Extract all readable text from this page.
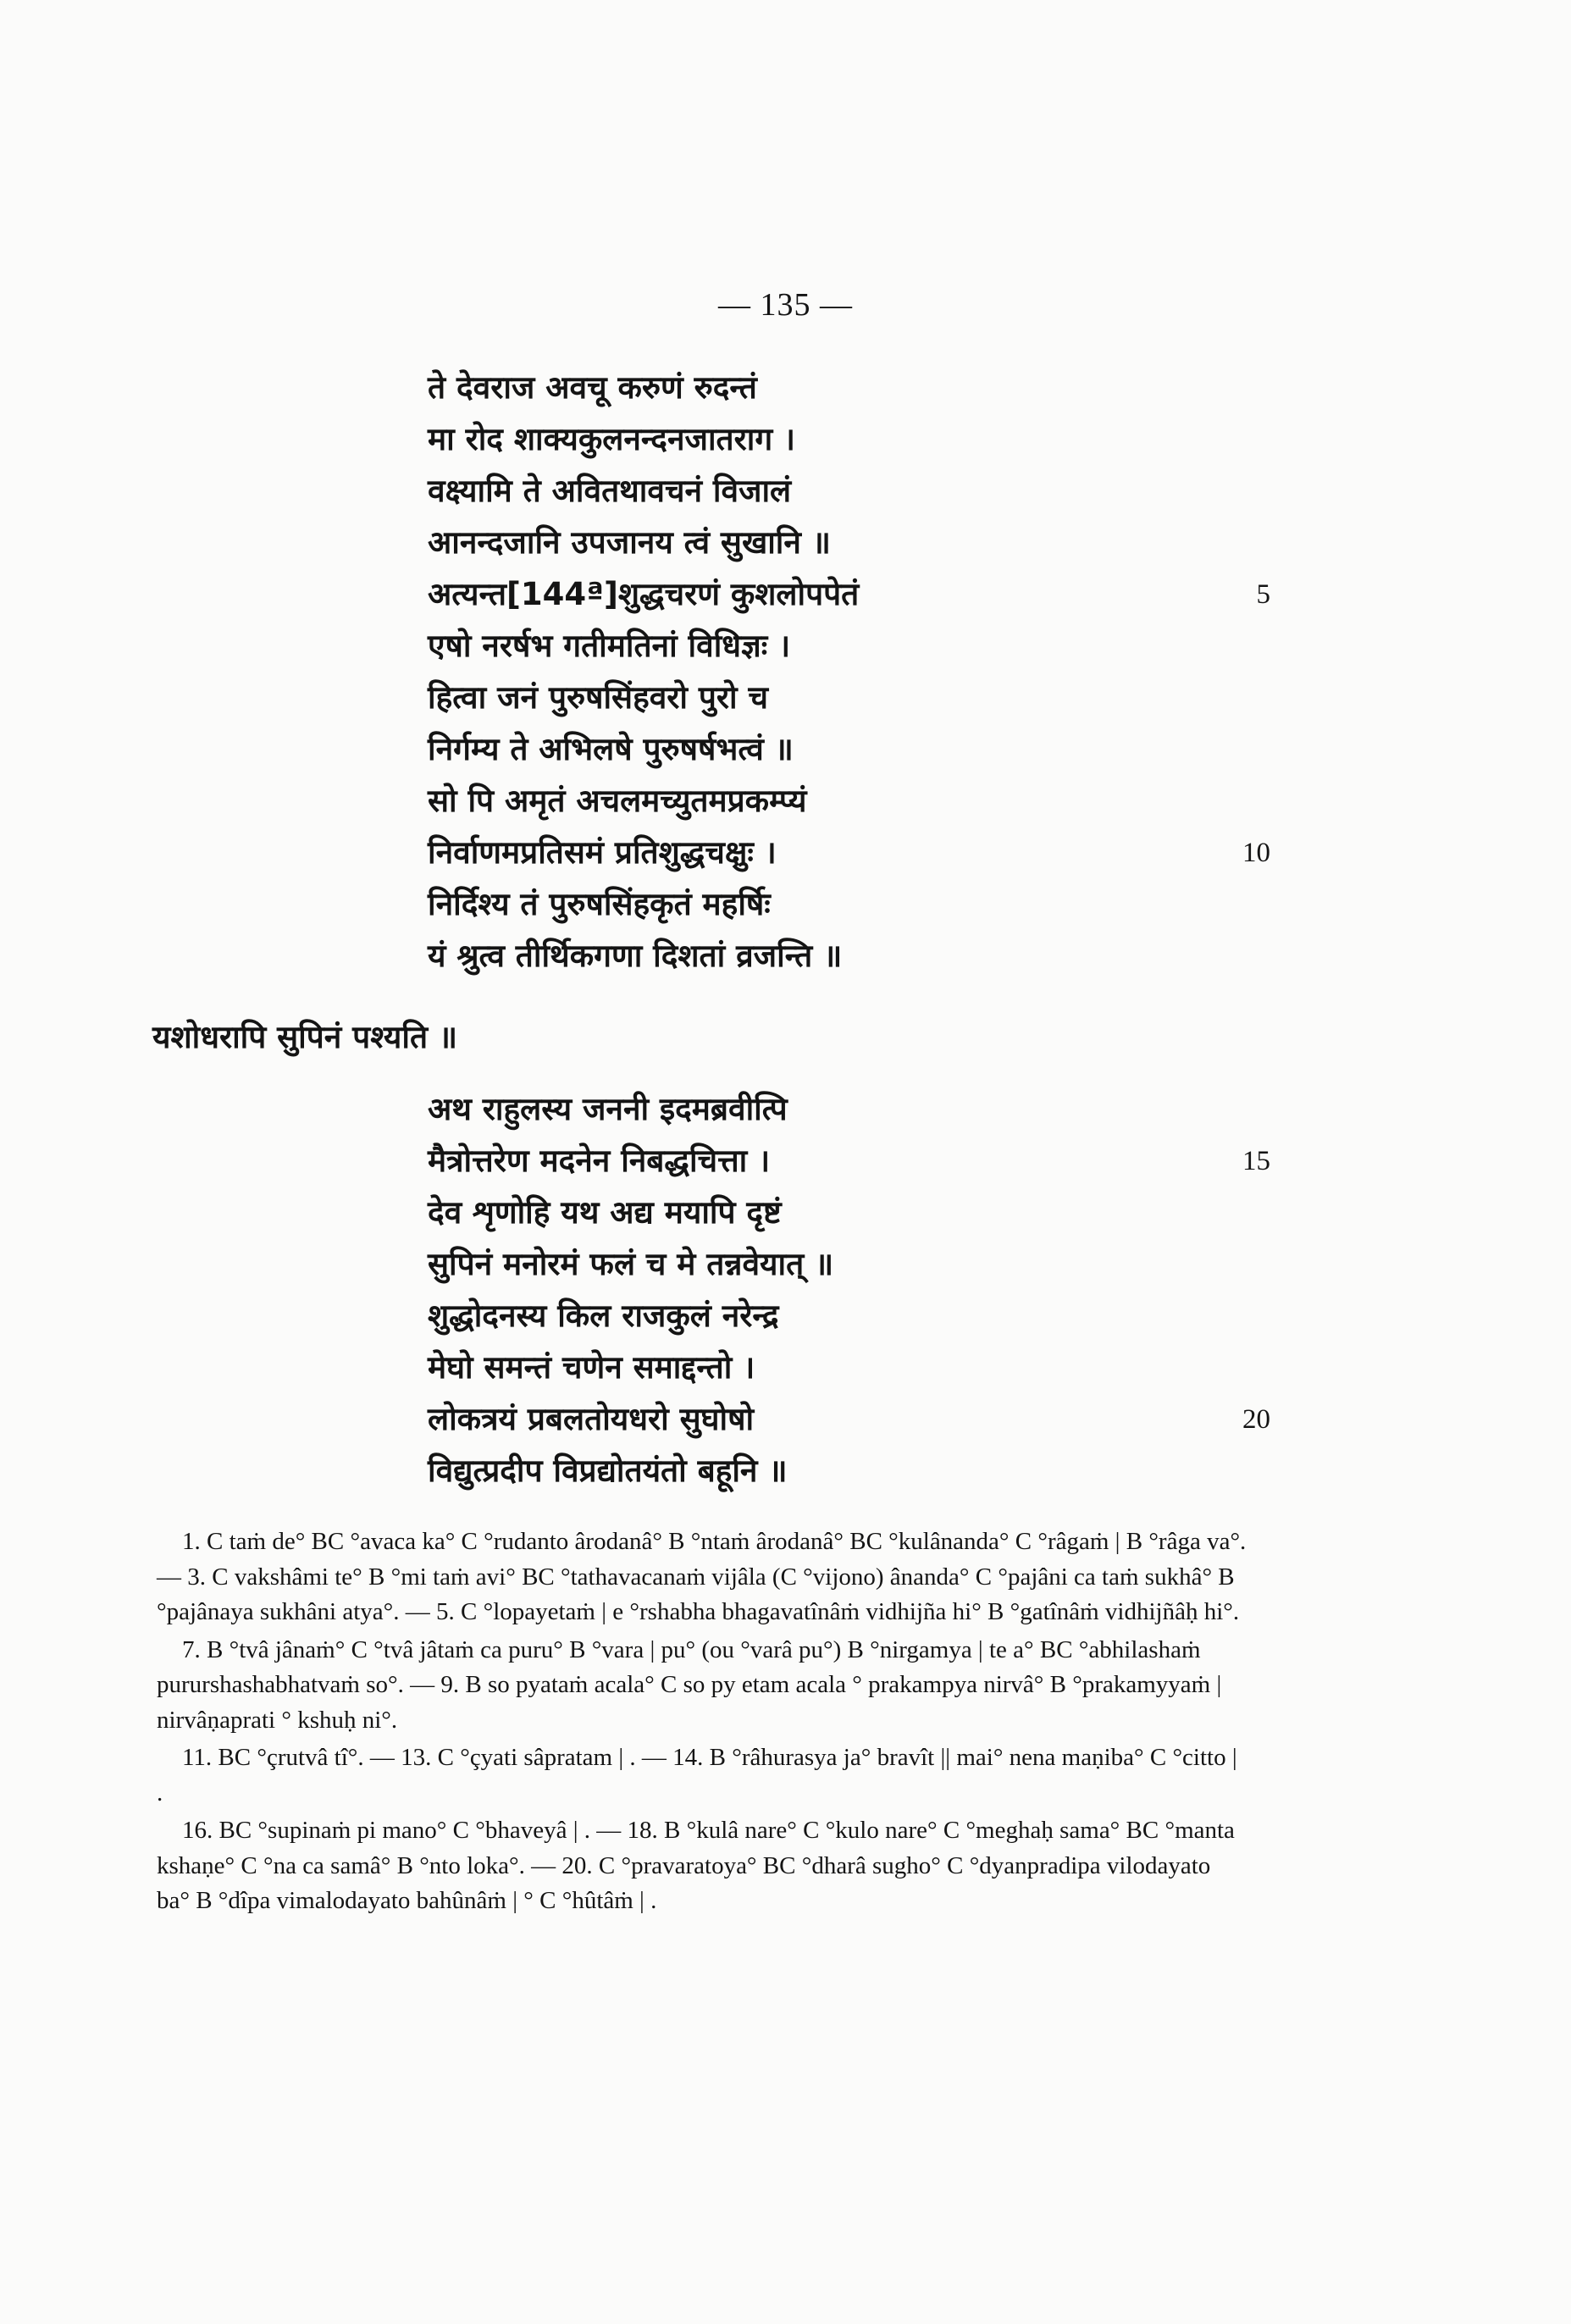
— 135 —
ते देवराज अवचू करुणं रुदन्तं
मा रोद शाक्यकुलनन्दनजातराग ।
वक्ष्यामि ते अवितथावचनं विजालं
आनन्दजानि उपजानय त्वं सुखानि ॥
अत्यन्त[144ª]शुद्धचरणं कुशलोपपेतं
एषो नरर्षभ गतीमतिनां विधिज्ञः ।
हित्वा जनं पुरुषसिंहवरो पुरो च
निर्गम्य ते अभिलषे पुरुषर्षभत्वं ॥
सो पि अमृतं अचलमच्युतमप्रकम्प्यं
निर्वाणमप्रतिसमं प्रतिशुद्धचक्षुः ।
निर्दिश्य तं पुरुषसिंहकृतं महर्षिः
यं श्रुत्व तीर्थिकगणा दिशतां व्रजन्ति ॥
5
10
यशोधरापि सुपिनं पश्यति ॥
अथ राहुलस्य जननी इदमब्रवीत्पि
मैत्रोत्तरेण मदनेन निबद्धचित्ता ।
देव शृणोहि यथ अद्य मयापि दृष्टं
सुपिनं मनोरमं फलं च मे तन्नवेयात् ॥
शुद्धोदनस्य किल राजकुलं नरेन्द्र
मेघो समन्तं चणेन समाद्दन्तो ।
लोकत्रयं प्रबलतोयधरो सुघोषो
विद्युत्प्रदीप विप्रद्योतयंतो बहूनि ॥
15
20

1. C taṁ de° BC °avaca ka° C °rudanto ârodanâ° B °ntaṁ ârodanâ° BC °kulânanda° C °râgaṁ | B °râga va°. — 3. C vakshâmi te° B °mi taṁ avi° BC °tathavacanaṁ vijâla (C °vijono) ânanda° C °pajâni ca taṁ sukhâ° B °pajânaya sukhâni atya°. — 5. C °lopayetaṁ | e °rshabha bhagavatînâṁ vidhijña hi° B °gatînâṁ vidhijñâḥ hi°.

7. B °tvâ jânaṁ° C °tvâ jâtaṁ ca puru° B °vara | pu° (ou °varâ pu°) B °nirgamya | te a° BC °abhilashaṁ pururshashabhatvaṁ so°. — 9. B so pyataṁ acala° C so py etam acala ° prakampya nirvâ° B °prakamyyaṁ | nirvâṇaprati ° kshuḥ ni°.

11. BC °çrutvâ tî°. — 13. C °çyati sâpratam | . — 14. B °râhurasya ja° bravît || mai° nena maṇiba° C °citto | .

16. BC °supinaṁ pi mano° C °bhaveyâ | . — 18. B °kulâ nare° C °kulo nare° C °meghaḥ sama° BC °manta kshaṇe° C °na ca samâ° B °nto loka°. — 20. C °pravaratoya° BC °dharâ sugho° C °dyanpradipa vilodayato ba° B °dîpa vimalodayato bahûnâṁ | ° C °hûtâṁ | .
